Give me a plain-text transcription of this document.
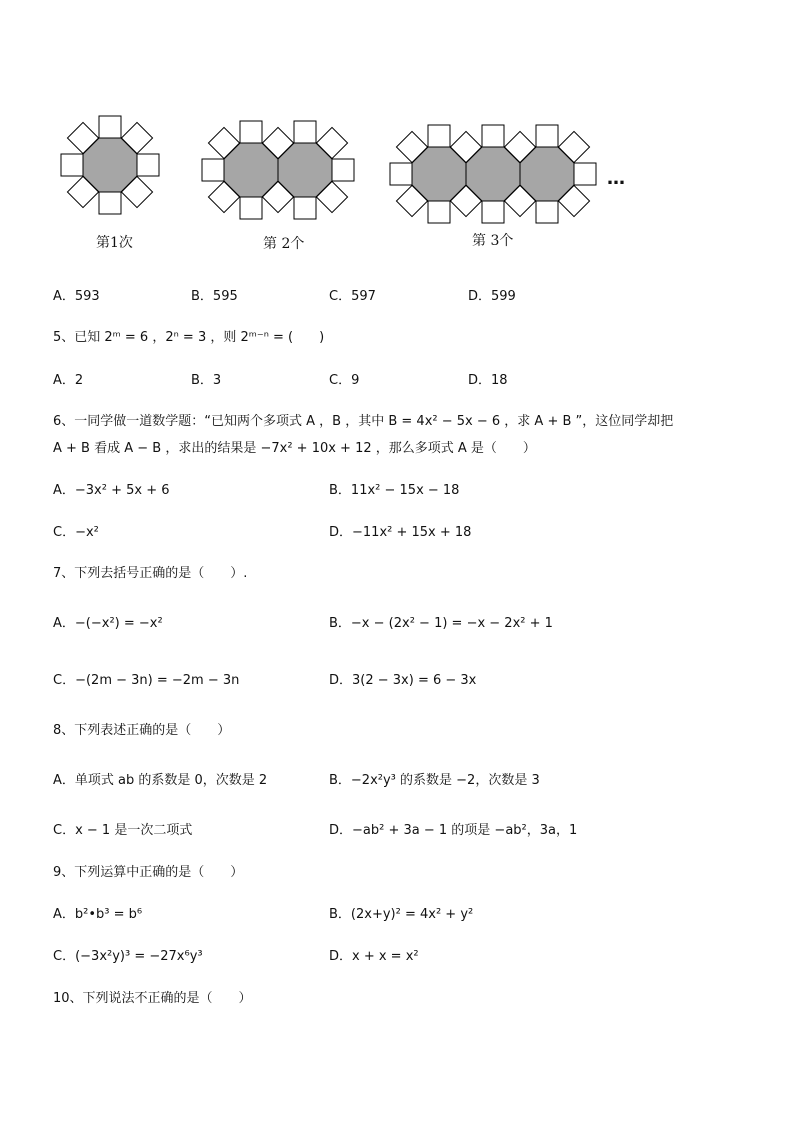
…
第1次	第 2个	第 3个
A．593	B．595	C．597	D．599
5、已知 2ᵐ = 6 ，2ⁿ = 3 ，则 2ᵐ⁻ⁿ = (　　)
A．2	B．3	C．9	D．18
6、一同学做一道数学题：“已知两个多项式 A ，B ，其中 B = 4x² − 5x − 6 ，求 A + B ”，这位同学却把
A + B 看成 A − B ，求出的结果是 −7x² + 10x + 12 ，那么多项式 A 是（　　）
A．−3x² + 5x + 6	B．11x² − 15x − 18
C．−x²	D．−11x² + 15x + 18
7、下列去括号正确的是（　　）.
A．−(−x²) = −x²	B．−x − (2x² − 1) = −x − 2x² + 1
C．−(2m − 3n) = −2m − 3n	D．3(2 − 3x) = 6 − 3x
8、下列表述正确的是（　　）
A．单项式 ab 的系数是 0，次数是 2	B．−2x²y³ 的系数是 −2，次数是 3
C．x − 1 是一次二项式	D．−ab² + 3a − 1 的项是 −ab²，3a，1
9、下列运算中正确的是（　　）
A．b²•b³ = b⁶	B．(2x+y)² = 4x² + y²
C．(−3x²y)³ = −27x⁶y³	D．x + x = x²
10、下列说法不正确的是（　　）
